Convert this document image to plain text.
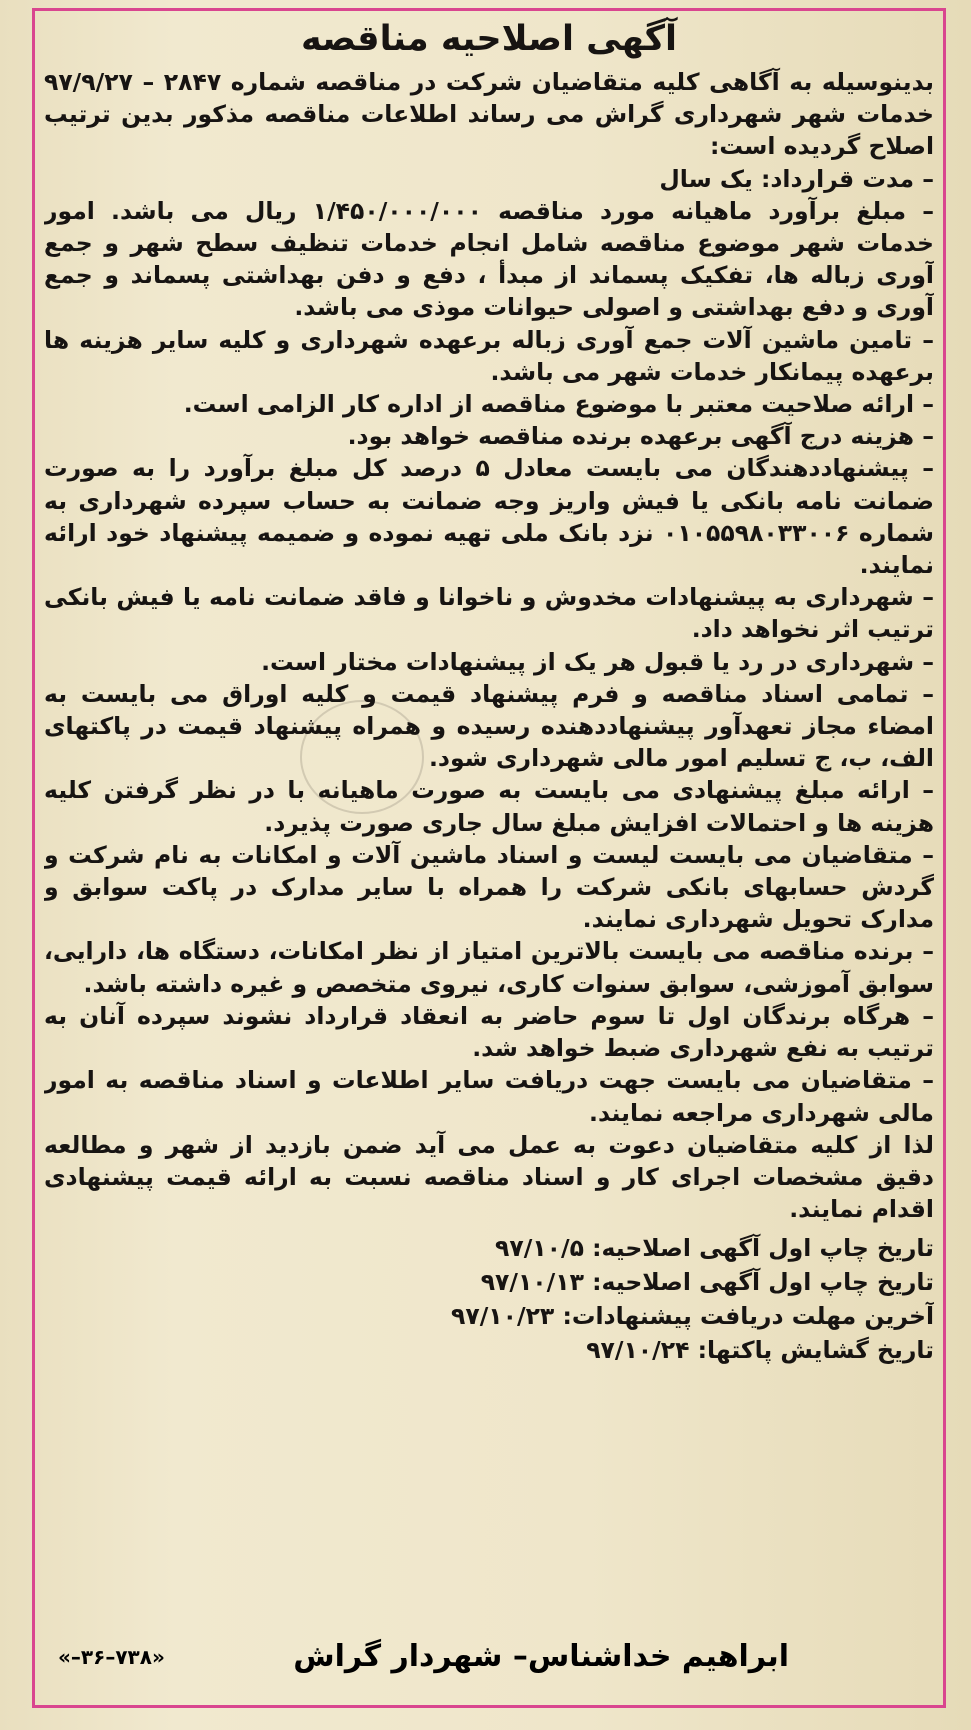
آگهی اصلاحیه مناقصه

بدینوسیله به آگاهی کلیه متقاضیان شرکت در مناقصه شماره ۲۸۴۷ – ۹۷/۹/۲۷ خدمات شهر شهرداری گراش می رساند اطلاعات مناقصه مذکور بدین ترتیب اصلاح گردیده است:

– مدت قرارداد: یک سال

– مبلغ برآورد ماهیانه مورد مناقصه ۱/۴۵۰/۰۰۰/۰۰۰ ریال می باشد. امور خدمات شهر موضوع مناقصه شامل انجام خدمات تنظیف سطح شهر و جمع آوری زباله ها، تفکیک پسماند از مبدأ ، دفع و دفن بهداشتی پسماند و جمع آوری و دفع بهداشتی و اصولی حیوانات موذی می باشد.

– تامین ماشین آلات جمع آوری زباله برعهده شهرداری و کلیه سایر هزینه ها برعهده پیمانکار خدمات شهر می باشد.

– ارائه صلاحیت معتبر با موضوع مناقصه از اداره کار الزامی است.

– هزینه درج آگهی برعهده برنده مناقصه خواهد بود.

– پیشنهاددهندگان می بایست معادل ۵ درصد کل مبلغ برآورد را به صورت ضمانت نامه بانکی یا فیش واریز وجه ضمانت به حساب سپرده شهرداری به شماره ۰۱۰۵۵۹۸۰۳۳۰۰۶ نزد بانک ملی تهیه نموده و ضمیمه پیشنهاد خود ارائه نمایند.

– شهرداری به پیشنهادات مخدوش و ناخوانا و فاقد ضمانت نامه یا فیش بانکی ترتیب اثر نخواهد داد.

– شهرداری در رد یا قبول هر یک از پیشنهادات مختار است.

– تمامی اسناد مناقصه و فرم پیشنهاد قیمت و کلیه اوراق می بایست به امضاء مجاز تعهدآور پیشنهاددهنده رسیده و همراه پیشنهاد قیمت در پاکتهای الف، ب، ج تسلیم امور مالی شهرداری شود.

– ارائه مبلغ پیشنهادی می بایست به صورت ماهیانه با در نظر گرفتن کلیه هزینه ها و احتمالات افزایش مبلغ سال جاری صورت پذیرد.

– متقاضیان می بایست لیست و اسناد ماشین آلات و امکانات به نام شرکت و گردش حسابهای بانکی شرکت را همراه با سایر مدارک در پاکت سوابق و مدارک تحویل شهرداری نمایند.

– برنده مناقصه می بایست بالاترین امتیاز از نظر امکانات، دستگاه ها، دارایی، سوابق آموزشی، سوابق سنوات کاری، نیروی متخصص و غیره داشته باشد.

– هرگاه برندگان اول تا سوم حاضر به انعقاد قرارداد نشوند سپرده آنان به ترتیب به نفع شهرداری ضبط خواهد شد.

– متقاضیان می بایست جهت دریافت سایر اطلاعات و اسناد مناقصه به امور مالی شهرداری مراجعه نمایند.

لذا از کلیه متقاضیان دعوت به عمل می آید ضمن بازدید از شهر و مطالعه دقیق مشخصات اجرای کار و اسناد مناقصه نسبت به ارائه قیمت پیشنهادی اقدام نمایند.

تاریخ چاپ اول آگهی اصلاحیه: ۹۷/۱۰/۵
تاریخ چاپ اول آگهی اصلاحیه: ۹۷/۱۰/۱۳
آخرین مهلت دریافت پیشنهادات: ۹۷/۱۰/۲۳
تاریخ گشایش پاکتها: ۹۷/۱۰/۲۴
ابراهیم خداشناس– شهردار گراش
«۷۳۸–۳۶–»
